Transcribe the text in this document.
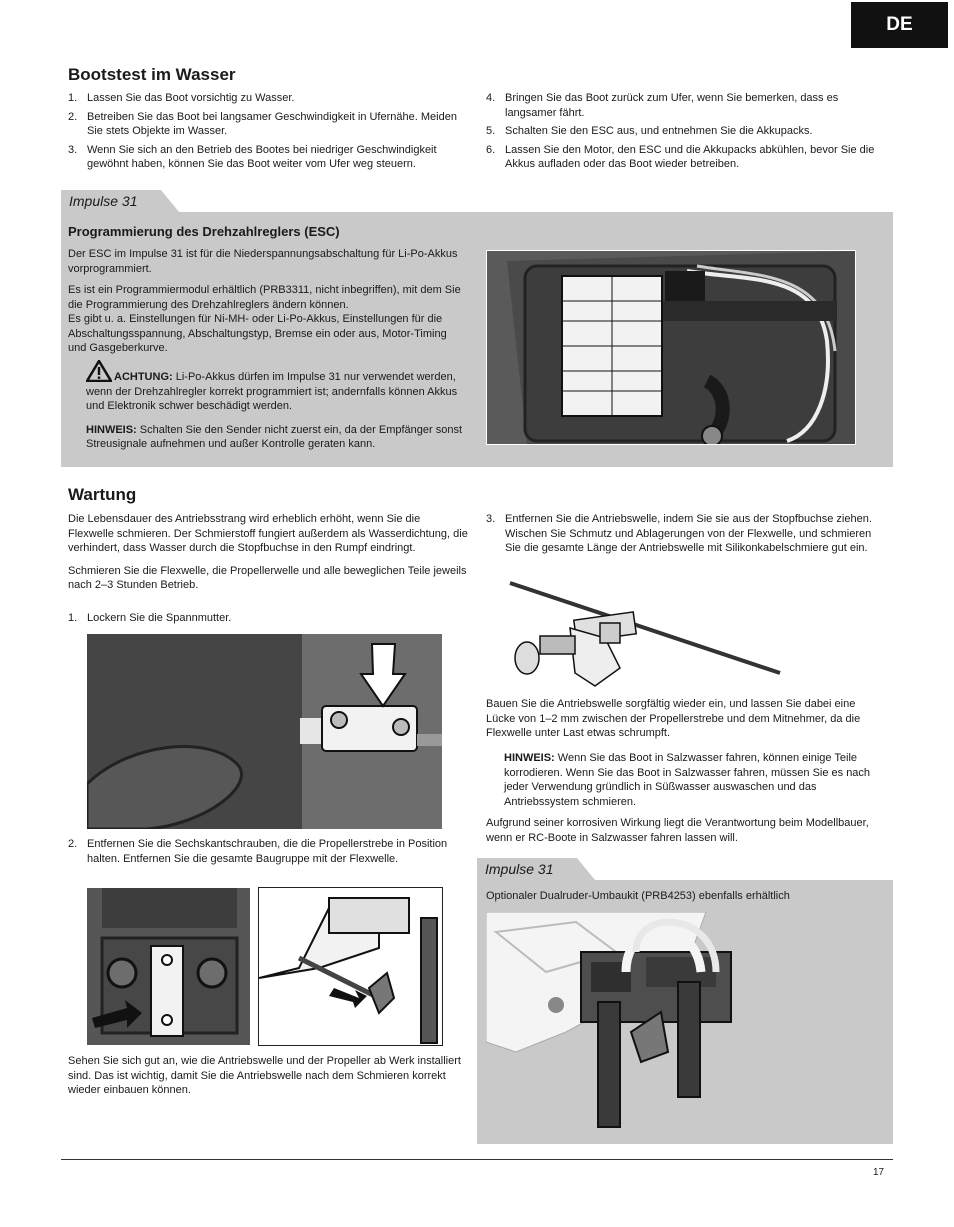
DE
Bootstest im Wasser
1. Lassen Sie das Boot vorsichtig zu Wasser.
2. Betreiben Sie das Boot bei langsamer Geschwindigkeit in Ufernähe. Meiden Sie stets Objekte im Wasser.
3. Wenn Sie sich an den Betrieb des Bootes bei niedriger Geschwindigkeit gewöhnt haben, können Sie das Boot weiter vom Ufer weg steuern.
4. Bringen Sie das Boot zurück zum Ufer, wenn Sie bemerken, dass es langsamer fährt.
5. Schalten Sie den ESC aus, und entnehmen Sie die Akkupacks.
6. Lassen Sie den Motor, den ESC und die Akkupacks abkühlen, bevor Sie die Akkus aufladen oder das Boot wieder betreiben.
Impulse 31
Programmierung des Drehzahlreglers (ESC)

Der ESC im Impulse 31 ist für die Niederspannungsabschaltung für Li-Po-Akkus vorprogrammiert.

Es ist ein Programmiermodul erhältlich (PRB3311, nicht inbegriffen), mit dem Sie die Programmierung des Drehzahlreglers ändern können.

Es gibt u. a. Einstellungen für Ni-MH- oder Li-Po-Akkus, Einstellungen für die Abschaltungsspannung, Abschaltungstyp, Bremse ein oder aus, Motor-Timing und Gasgeberkurve.

ACHTUNG: Li-Po-Akkus dürfen im Impulse 31 nur verwendet werden, wenn der Drehzahlregler korrekt programmiert ist; andernfalls können Akkus und Elektronik schwer beschädigt werden.

HINWEIS: Schalten Sie den Sender nicht zuerst ein, da der Empfänger sonst Streusignale aufnehmen und außer Kontrolle geraten kann.

Wartung

Die Lebensdauer des Antriebsstrang wird erheblich erhöht, wenn Sie die Flexwelle schmieren. Der Schmierstoff fungiert außerdem als Wasserdichtung, die verhindert, dass Wasser durch die Stopfbuchse in den Rumpf eindringt.

Schmieren Sie die Flexwelle, die Propellerwelle und alle beweglichen Teile jeweils nach 2–3 Stunden Betrieb.

1. Lockern Sie die Spannmutter.
2. Entfernen Sie die Sechskantschrauben, die die Propellerstrebe in Position halten. Entfernen Sie die gesamte Baugruppe mit der Flexwelle.

Sehen Sie sich gut an, wie die Antriebswelle und der Propeller ab Werk installiert sind. Das ist wichtig, damit Sie die Antriebswelle nach dem Schmieren korrekt wieder einbauen können.

3. Entfernen Sie die Antriebswelle, indem Sie sie aus der Stopfbuchse ziehen. Wischen Sie Schmutz und Ablagerungen von der Flexwelle, und schmieren Sie die gesamte Länge der Antriebswelle mit Silikonkabelschmiere gut ein.

Bauen Sie die Antriebswelle sorgfältig wieder ein, und lassen Sie dabei eine Lücke von 1–2 mm zwischen der Propellerstrebe und dem Mitnehmer, da die Flexwelle unter Last etwas schrumpft.

HINWEIS: Wenn Sie das Boot in Salzwasser fahren, können einige Teile korrodieren. Wenn Sie das Boot in Salzwasser fahren, müssen Sie es nach jeder Verwendung gründlich in Süßwasser auswaschen und das Antriebssystem schmieren.

Aufgrund seiner korrosiven Wirkung liegt die Verantwortung beim Modellbauer, wenn er RC-Boote in Salzwasser fahren lassen will.

Impulse 31
Optionaler Dualruder-Umbaukit (PRB4253) ebenfalls erhältlich
17
